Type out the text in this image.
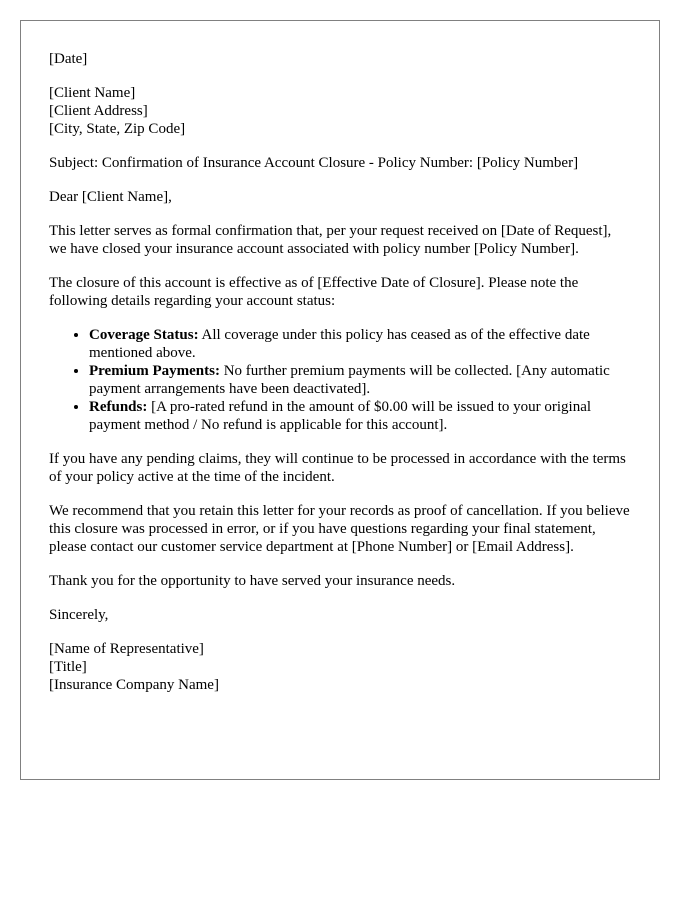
[Date]

[Client Name]
[Client Address]
[City, State, Zip Code]

Subject: Confirmation of Insurance Account Closure - Policy Number: [Policy Number]

Dear [Client Name],

This letter serves as formal confirmation that, per your request received on [Date of Request], we have closed your insurance account associated with policy number [Policy Number].

The closure of this account is effective as of [Effective Date of Closure]. Please note the following details regarding your account status:

• Coverage Status: All coverage under this policy has ceased as of the effective date mentioned above.
• Premium Payments: No further premium payments will be collected. [Any automatic payment arrangements have been deactivated].
• Refunds: [A pro-rated refund in the amount of $0.00 will be issued to your original payment method / No refund is applicable for this account].

If you have any pending claims, they will continue to be processed in accordance with the terms of your policy active at the time of the incident.

We recommend that you retain this letter for your records as proof of cancellation. If you believe this closure was processed in error, or if you have questions regarding your final statement, please contact our customer service department at [Phone Number] or [Email Address].

Thank you for the opportunity to have served your insurance needs.

Sincerely,

[Name of Representative]
[Title]
[Insurance Company Name]
